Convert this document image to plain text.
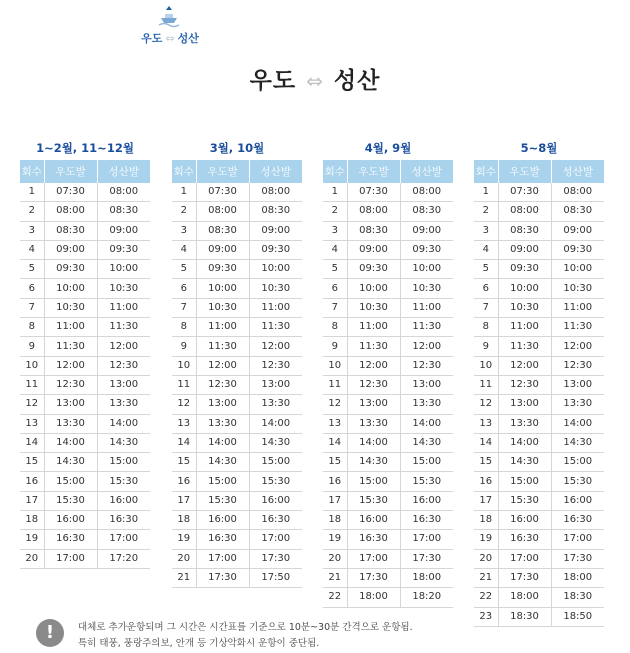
우도 ⇔ 성산
우도 ⇔ 성산
1~2월, 11~12월
회수	우도발	성산발
1	07:30	08:00
2	08:00	08:30
3	08:30	09:00
4	09:00	09:30
5	09:30	10:00
6	10:00	10:30
7	10:30	11:00
8	11:00	11:30
9	11:30	12:00
10	12:00	12:30
11	12:30	13:00
12	13:00	13:30
13	13:30	14:00
14	14:00	14:30
15	14:30	15:00
16	15:00	15:30
17	15:30	16:00
18	16:00	16:30
19	16:30	17:00
20	17:00	17:20
3월, 10월
회수	우도발	성산발
1	07:30	08:00
2	08:00	08:30
3	08:30	09:00
4	09:00	09:30
5	09:30	10:00
6	10:00	10:30
7	10:30	11:00
8	11:00	11:30
9	11:30	12:00
10	12:00	12:30
11	12:30	13:00
12	13:00	13:30
13	13:30	14:00
14	14:00	14:30
15	14:30	15:00
16	15:00	15:30
17	15:30	16:00
18	16:00	16:30
19	16:30	17:00
20	17:00	17:30
21	17:30	17:50
4월, 9월
회수	우도발	성산발
1	07:30	08:00
2	08:00	08:30
3	08:30	09:00
4	09:00	09:30
5	09:30	10:00
6	10:00	10:30
7	10:30	11:00
8	11:00	11:30
9	11:30	12:00
10	12:00	12:30
11	12:30	13:00
12	13:00	13:30
13	13:30	14:00
14	14:00	14:30
15	14:30	15:00
16	15:00	15:30
17	15:30	16:00
18	16:00	16:30
19	16:30	17:00
20	17:00	17:30
21	17:30	18:00
22	18:00	18:20
5~8월
회수	우도발	성산발
1	07:30	08:00
2	08:00	08:30
3	08:30	09:00
4	09:00	09:30
5	09:30	10:00
6	10:00	10:30
7	10:30	11:00
8	11:00	11:30
9	11:30	12:00
10	12:00	12:30
11	12:30	13:00
12	13:00	13:30
13	13:30	14:00
14	14:00	14:30
15	14:30	15:00
16	15:00	15:30
17	15:30	16:00
18	16:00	16:30
19	16:30	17:00
20	17:00	17:30
21	17:30	18:00
22	18:00	18:30
23	18:30	18:50
!	대체로 추가운항되며 그 시간은 시간표를 기준으로 10분~30분 간격으로 운항됨.
특히 태풍, 풍랑주의보, 안개 등 기상악화시 운항이 중단됨.
